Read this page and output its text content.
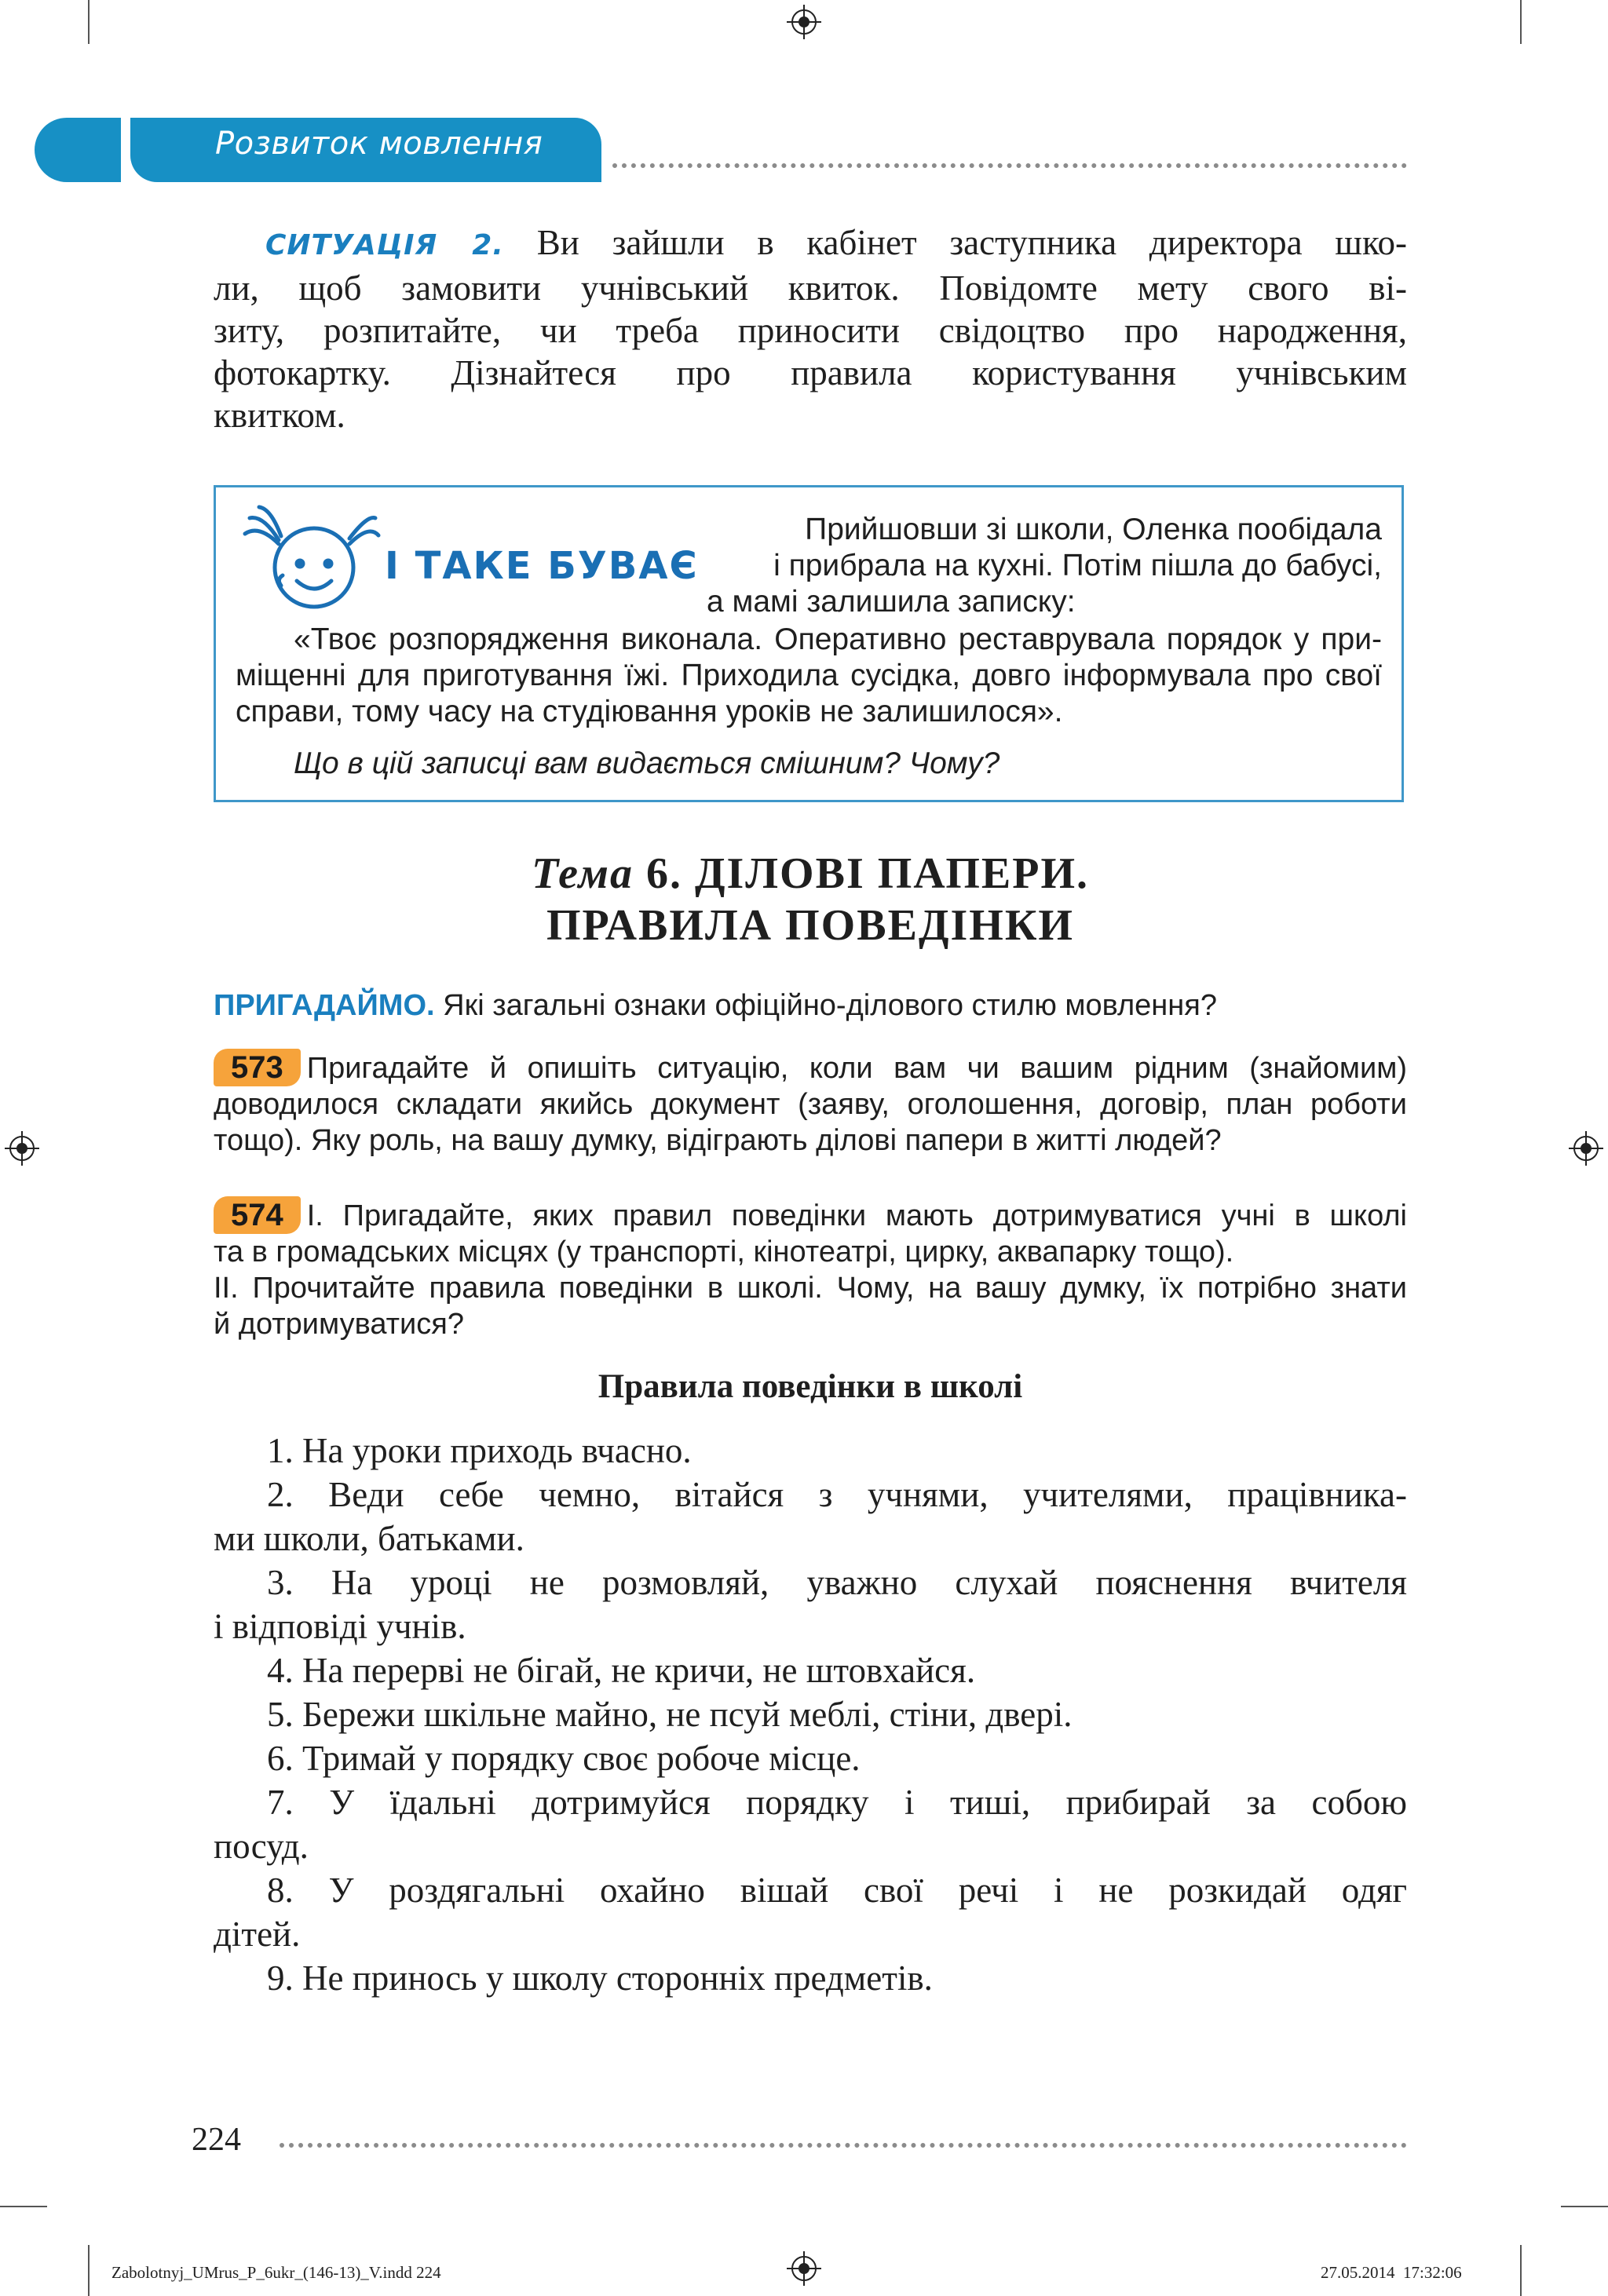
Розвиток мовлення
СИТУАЦІЯ 2. Ви зайшли в кабінет заступника директора шко-
ли, щоб замовити учнівський квиток. Повідомте мету свого ві-
зиту, розпитайте, чи треба приносити свідоцтво про народження,
фотокартку. Дізнайтеся про правила користування учнівським
квитком.
І ТАКЕ БУВАЄ
Прийшовши зі школи, Оленка пообідала
і прибрала на кухні. Потім пішла до бабусі,
а мамі залишила записку:
«Твоє розпорядження виконала. Оперативно реставрувала порядок у при-
міщенні для приготування їжі. Приходила сусідка, довго інформувала про свої
справи, тому часу на студіювання уроків не залишилося».
Що в цій записці вам видається смішним? Чому?
Тема 6. ДІЛОВІ ПАПЕРИ.
ПРАВИЛА ПОВЕДІНКИ
ПРИГАДАЙМО. Які загальні ознаки офіційно-ділового стилю мовлення?
573 Пригадайте й опишіть ситуацію, коли вам чи вашим рідним (знайомим)
доводилося складати якийсь документ (заяву, оголошення, договір, план роботи
тощо). Яку роль, на вашу думку, відіграють ділові папери в житті людей?
574 І. Пригадайте, яких правил поведінки мають дотримуватися учні в школі
та в громадських місцях (у транспорті, кінотеатрі, цирку, аквапарку тощо).
ІІ. Прочитайте правила поведінки в школі. Чому, на вашу думку, їх потрібно знати
й дотримуватися?
Правила поведінки в школі
1. На уроки приходь вчасно.
2. Веди себе чемно, вітайся з учнями, учителями, працівника-
ми школи, батьками.
3. На уроці не розмовляй, уважно слухай пояснення вчителя
і відповіді учнів.
4. На перерві не бігай, не кричи, не штовхайся.
5. Бережи шкільне майно, не псуй меблі, стіни, двері.
6. Тримай у порядку своє робоче місце.
7. У їдальні дотримуйся порядку і тиші, прибирай за собою
посуд.
8. У роздягальні охайно вішай свої речі і не розкидай одяг
дітей.
9. Не принось у школу сторонніх предметів.
224
Zabolotnyj_UMrus_P_6ukr_(146-13)_V.indd 224	27.05.2014 17:32:06
